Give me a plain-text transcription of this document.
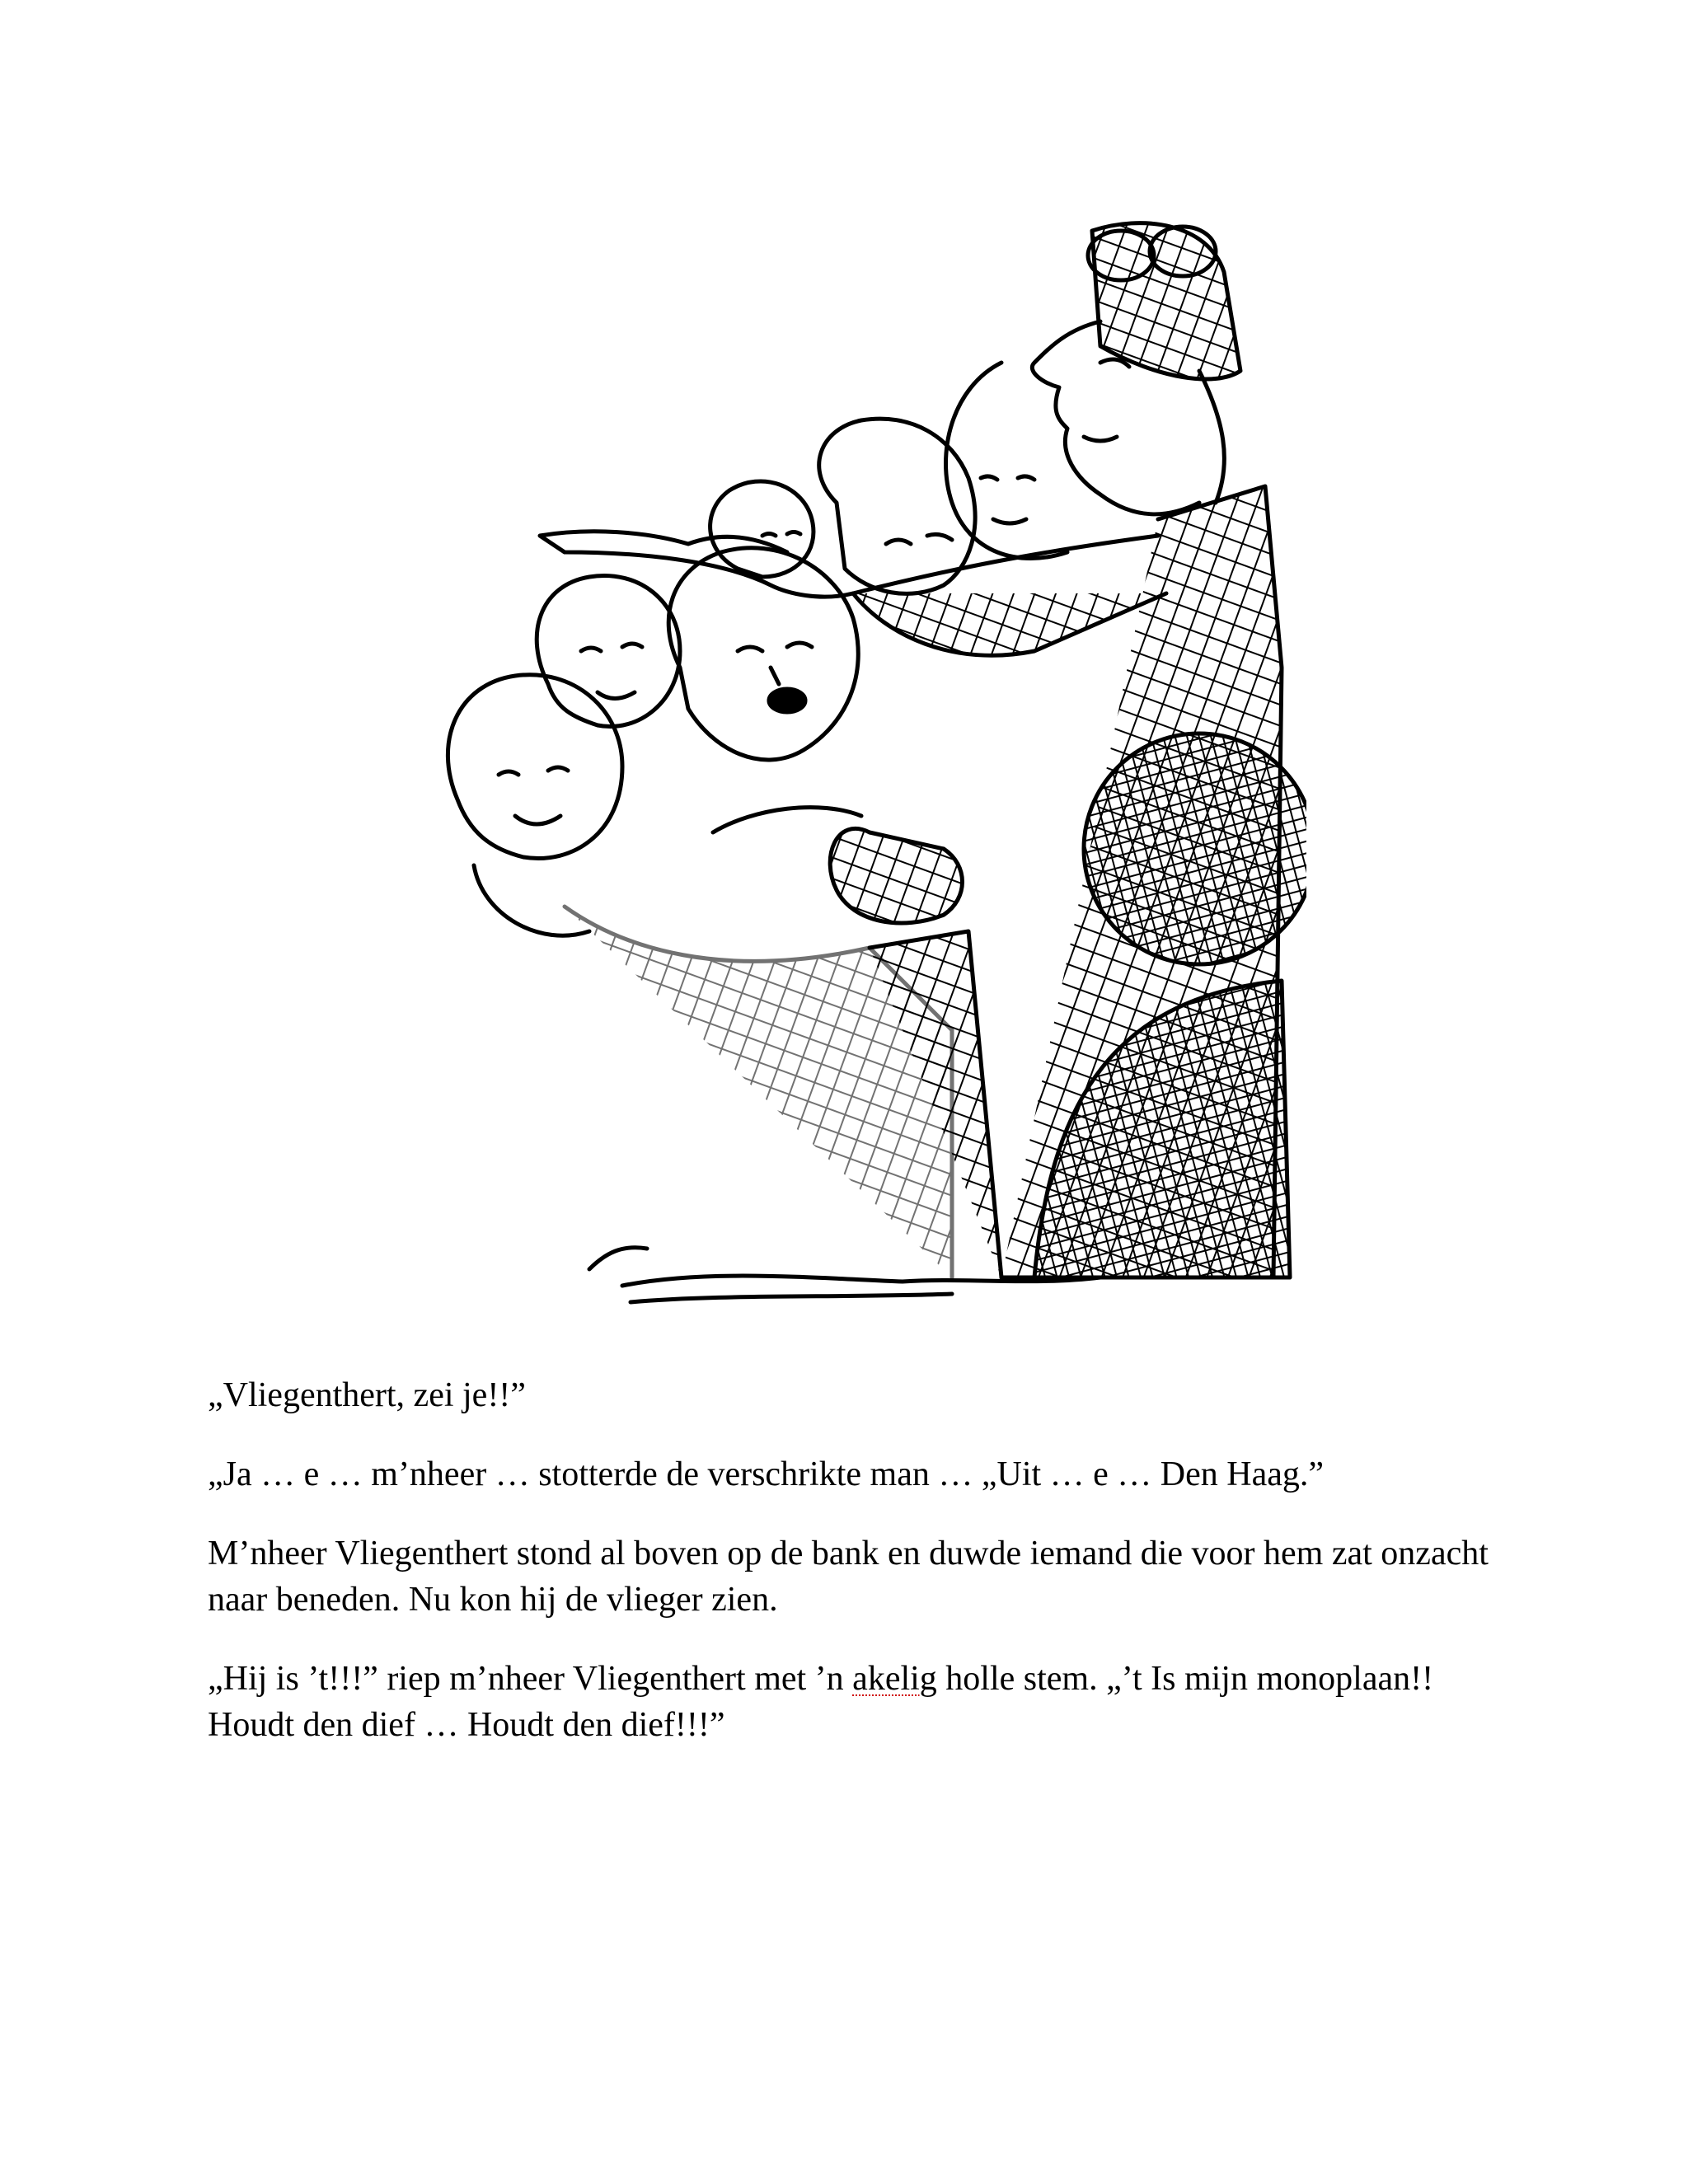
„Vliegenthert, zei je!!”

„Ja … e … m’nheer … stotterde de verschrikte man … „Uit … e … Den Haag.”

M’nheer Vliegenthert stond al boven op de bank en duwde iemand die voor hem zat onzacht naar beneden. Nu kon hij de vlieger zien.

„Hij is ’t!!!” riep m’nheer Vliegenthert met ’n akelig holle stem. „’t Is mijn monoplaan!! Houdt den dief … Houdt den dief!!!”
